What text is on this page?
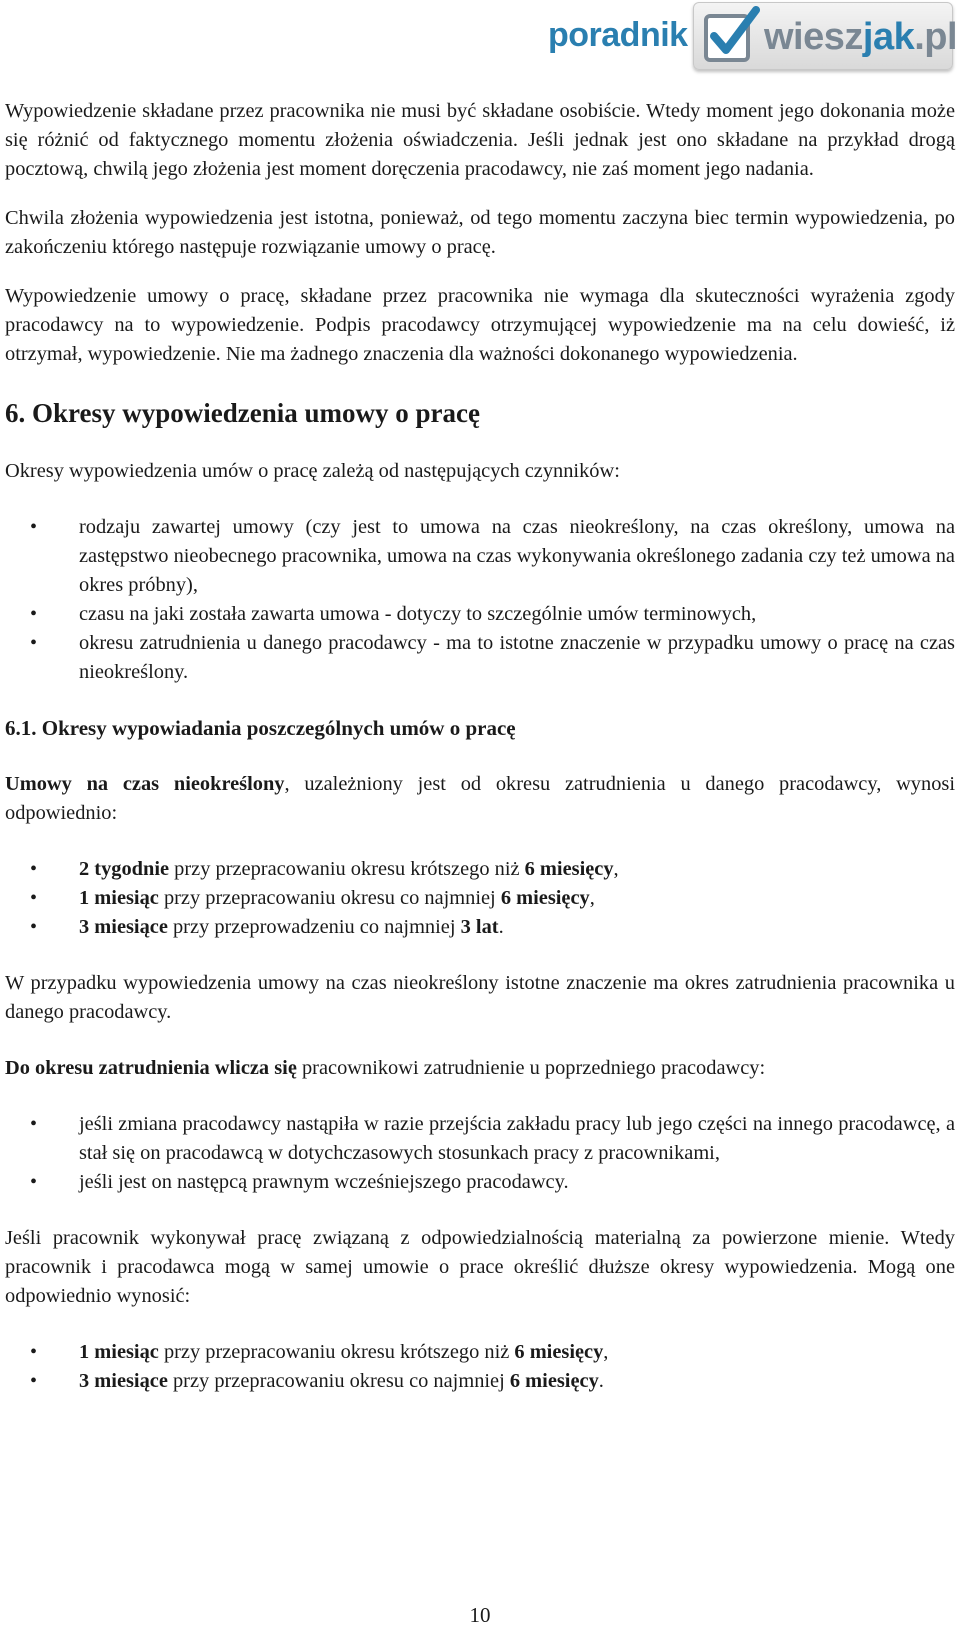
poradnik wieszjak.pl

Wypowiedzenie składane przez pracownika nie musi być składane osobiście. Wtedy moment jego dokonania może się różnić od faktycznego momentu złożenia oświadczenia. Jeśli jednak jest ono składane na przykład drogą pocztową, chwilą jego złożenia jest moment doręczenia pracodawcy, nie zaś moment jego nadania.

Chwila złożenia wypowiedzenia jest istotna, ponieważ, od tego momentu zaczyna biec termin wypowiedzenia, po zakończeniu którego następuje rozwiązanie umowy o pracę.

Wypowiedzenie umowy o pracę, składane przez pracownika nie wymaga dla skuteczności wyrażenia zgody pracodawcy na to wypowiedzenie. Podpis pracodawcy otrzymującej wypowiedzenie ma na celu dowieść, iż otrzymał, wypowiedzenie. Nie ma żadnego znaczenia dla ważności dokonanego wypowiedzenia.

6. Okresy wypowiedzenia umowy o pracę

Okresy wypowiedzenia umów o pracę zależą od następujących czynników:

• rodzaju zawartej umowy (czy jest to umowa na czas nieokreślony, na czas określony, umowa na zastępstwo nieobecnego pracownika, umowa na czas wykonywania określonego zadania czy też umowa na okres próbny),
• czasu na jaki została zawarta umowa - dotyczy to szczególnie umów terminowych,
• okresu zatrudnienia u danego pracodawcy - ma to istotne znaczenie w przypadku umowy o pracę na czas nieokreślony.
6.1. Okresy wypowiadania poszczególnych umów o pracę

Umowy na czas nieokreślony, uzależniony jest od okresu zatrudnienia u danego pracodawcy, wynosi odpowiednio:

• 2 tygodnie przy przepracowaniu okresu krótszego niż 6 miesięcy,
• 1 miesiąc przy przepracowaniu okresu co najmniej 6 miesięcy,
• 3 miesiące przy przeprowadzeniu co najmniej 3 lat.

W przypadku wypowiedzenia umowy na czas nieokreślony istotne znaczenie ma okres zatrudnienia pracownika u danego pracodawcy.

Do okresu zatrudnienia wlicza się pracownikowi zatrudnienie u poprzedniego pracodawcy:

• jeśli zmiana pracodawcy nastąpiła w razie przejścia zakładu pracy lub jego części na innego pracodawcę, a stał się on pracodawcą w dotychczasowych stosunkach pracy z pracownikami,
• jeśli jest on następcą prawnym wcześniejszego pracodawcy.

Jeśli pracownik wykonywał pracę związaną z odpowiedzialnością materialną za powierzone mienie. Wtedy pracownik i pracodawca mogą w samej umowie o prace określić dłuższe okresy wypowiedzenia. Mogą one odpowiednio wynosić:

• 1 miesiąc przy przepracowaniu okresu krótszego niż 6 miesięcy,
• 3 miesiące przy przepracowaniu okresu co najmniej 6 miesięcy.
10
